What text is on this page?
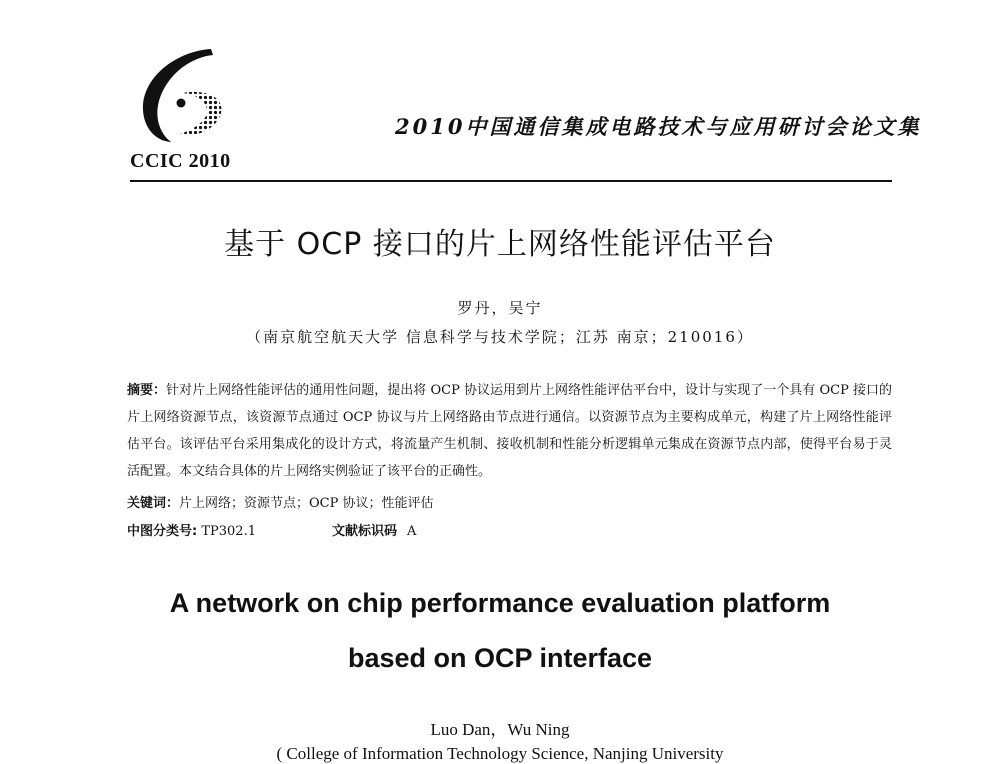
CCIC 2010
2010中国通信集成电路技术与应用研讨会论文集
基于 OCP 接口的片上网络性能评估平台
罗丹，吴宁
（南京航空航天大学 信息科学与技术学院；江苏 南京；210016）
摘要：针对片上网络性能评估的通用性问题，提出将 OCP 协议运用到片上网络性能评估平台中，设计与实现了一个具有 OCP 接口的片上网络资源节点，该资源节点通过 OCP 协议与片上网络路由节点进行通信。以资源节点为主要构成单元，构建了片上网络性能评估平台。该评估平台采用集成化的设计方式，将流量产生机制、接收机制和性能分析逻辑单元集成在资源节点内部，使得平台易于灵活配置。本文结合具体的片上网络实例验证了该平台的正确性。
关键词：片上网络；资源节点；OCP 协议；性能评估
中图分类号: TP302.1	文献标识码 A
A network on chip performance evaluation platform
based on OCP interface
Luo Dan，Wu Ning
( College of Information Technology Science, Nanjing University
